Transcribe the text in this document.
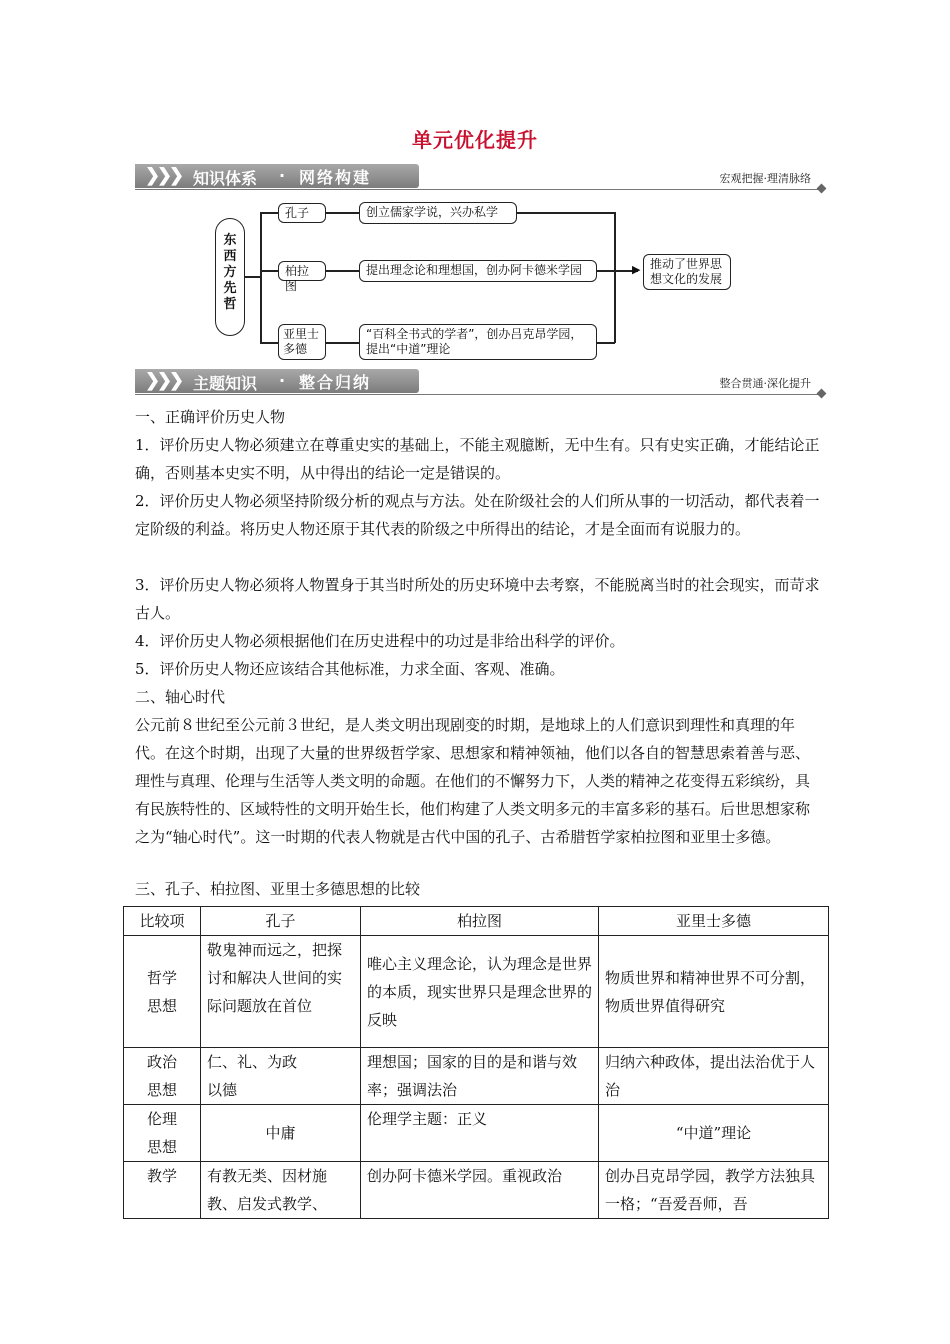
单元优化提升
❯
❯
❯ 知识体系 · 网络构建	宏观把握·理清脉络
东西方先哲
孔子
柏拉图
亚里士多德
创立儒家学说，兴办私学
提出理念论和理想国，创办阿卡德米学园
“百科全书式的学者”，创办吕克昂学园，提出“中道”理论
▶ 推动了世界思想文化的发展
❯
❯
❯ 主题知识 · 整合归纳	整合贯通·深化提升
一、正确评价历史人物
1．评价历史人物必须建立在尊重史实的基础上，不能主观臆断，无中生有。只有史实正确，才能结论正确，否则基本史实不明，从中得出的结论一定是错误的。
2．评价历史人物必须坚持阶级分析的观点与方法。处在阶级社会的人们所从事的一切活动，都代表着一定阶级的利益。将历史人物还原于其代表的阶级之中所得出的结论，才是全面而有说服力的。
3．评价历史人物必须将人物置身于其当时所处的历史环境中去考察，不能脱离当时的社会现实，而苛求古人。
4．评价历史人物必须根据他们在历史进程中的功过是非给出科学的评价。
5．评价历史人物还应该结合其他标准，力求全面、客观、准确。
二、轴心时代
公元前８世纪至公元前３世纪，是人类文明出现剧变的时期，是地球上的人们意识到理性和真理的年代。在这个时期，出现了大量的世界级哲学家、思想家和精神领袖，他们以各自的智慧思索着善与恶、理性与真理、伦理与生活等人类文明的命题。在他们的不懈努力下，人类的精神之花变得五彩缤纷，具有民族特性的、区域特性的文明开始生长，他们构建了人类文明多元的丰富多彩的基石。后世思想家称之为“轴心时代”。这一时期的代表人物就是古代中国的孔子、古希腊哲学家柏拉图和亚里士多德。
三、孔子、柏拉图、亚里士多德思想的比较
比较项	孔子	柏拉图	亚里士多德
哲学思想	敬鬼神而远之，把探讨和解决人世间的实际问题放在首位	唯心主义理念论，认为理念是世界的本质，现实世界只是理念世界的反映	物质世界和精神世界不可分割，物质世界值得研究
政治思想	仁、礼、为政以德	理想国；国家的目的是和谐与效率；强调法治	归纳六种政体，提出法治优于人治
伦理思想	中庸	伦理学主题：正义	“中道”理论
教学	有教无类、因材施教、启发式教学、	创办阿卡德米学园。重视政治	创办吕克昂学园，教学方法独具一格；“吾爱吾师，吾
